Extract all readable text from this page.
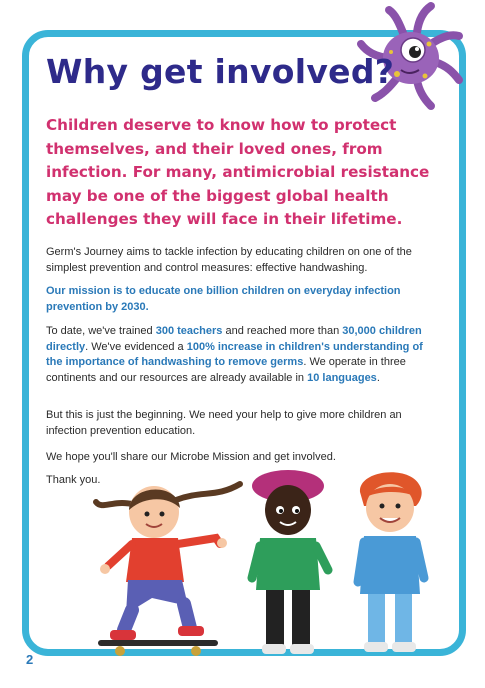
Why get involved?

Children deserve to know how to protect themselves, and their loved ones, from infection. For many, antimicrobial resistance may be one of the biggest global health challenges they will face in their lifetime.

Germ's Journey aims to tackle infection by educating children on one of the simplest prevention and control measures: effective handwashing.

Our mission is to educate one billion children on everyday infection prevention by 2030.

To date, we've trained 300 teachers and reached more than 30,000 children directly. We've evidenced a 100% increase in children's understanding of the importance of handwashing to remove germs. We operate in three continents and our resources are already available in 10 languages.

But this is just the beginning. We need your help to give more children an infection prevention education.

We hope you'll share our Microbe Mission and get involved.

Thank you.

2
